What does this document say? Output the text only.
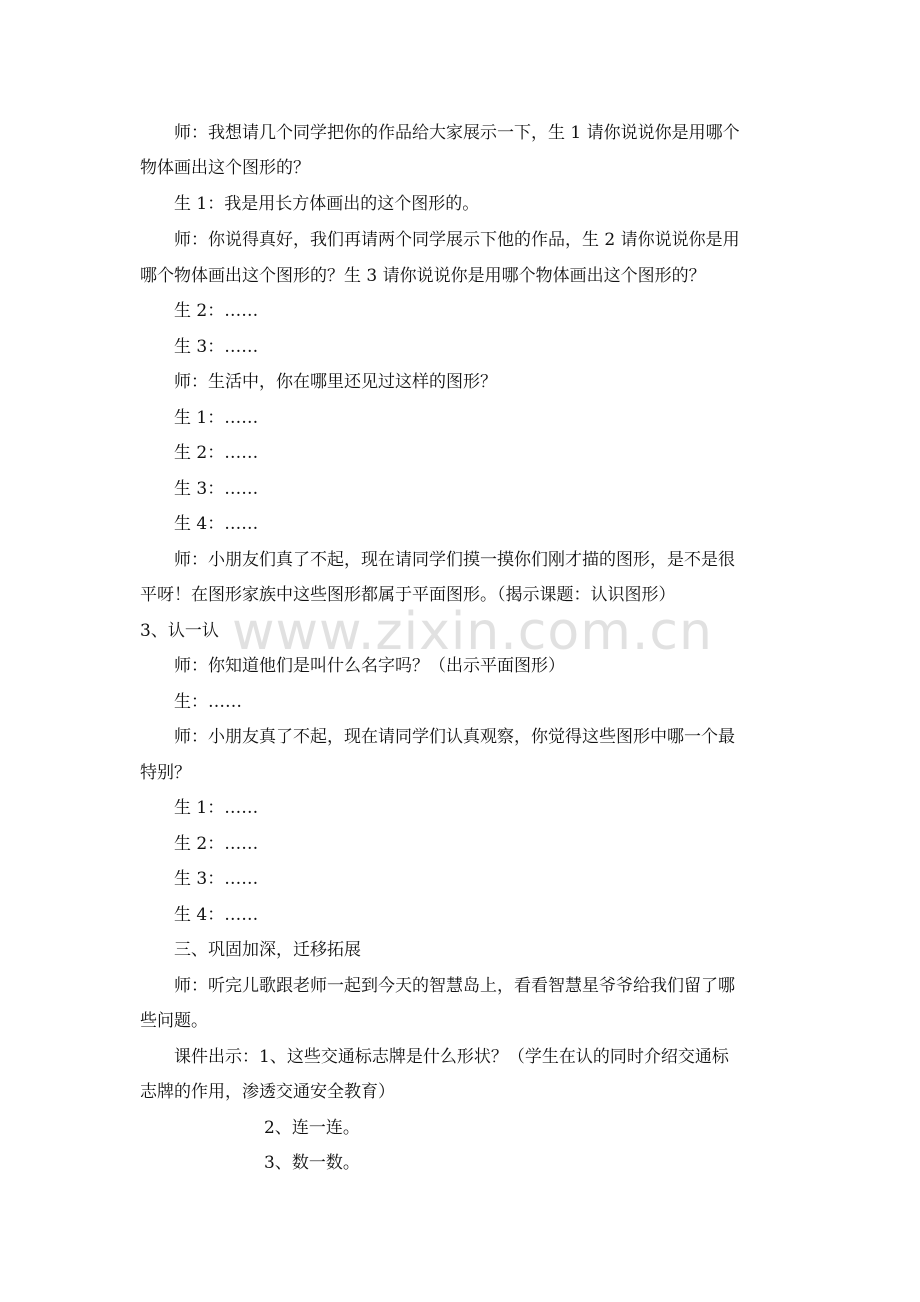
师：我想请几个同学把你的作品给大家展示一下，生 1 请你说说你是用哪个
物体画出这个图形的？
生 1：我是用长方体画出的这个图形的。
师：你说得真好，我们再请两个同学展示下他的作品，生 2 请你说说你是用
哪个物体画出这个图形的？生 3 请你说说你是用哪个物体画出这个图形的？
生 2：……
生 3：……
师：生活中，你在哪里还见过这样的图形？
生 1：……
生 2：……
生 3：……
生 4：……
师：小朋友们真了不起，现在请同学们摸一摸你们刚才描的图形，是不是很
平呀！在图形家族中这些图形都属于平面图形。（揭示课题：认识图形）
3、认一认
师：你知道他们是叫什么名字吗？（出示平面图形）
生：……
师：小朋友真了不起，现在请同学们认真观察，你觉得这些图形中哪一个最
特别？
生 1：……
生 2：……
生 3：……
生 4：……
三、巩固加深，迁移拓展
师：听完儿歌跟老师一起到今天的智慧岛上，看看智慧星爷爷给我们留了哪
些问题。
课件出示：1、这些交通标志牌是什么形状？（学生在认的同时介绍交通标
志牌的作用，渗透交通安全教育）
2、连一连。
3、数一数。
www.zixin.com.cn
